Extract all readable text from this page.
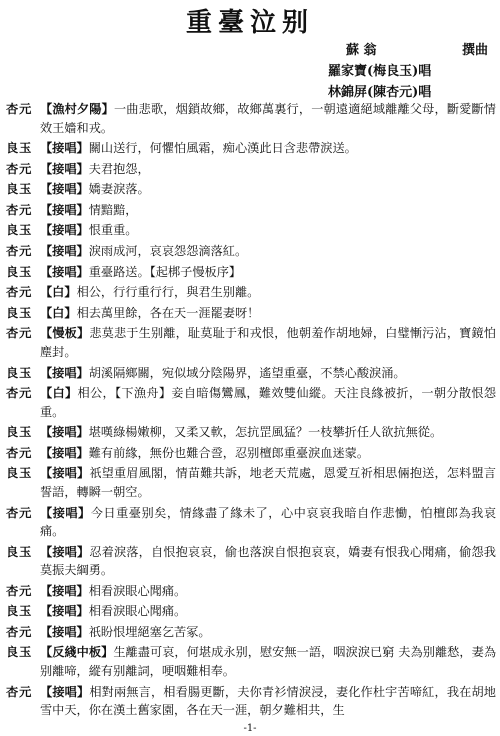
重臺泣别
蘇 翁	撰曲
羅家寶(梅良玉)唱
林錦屏(陳杏元)唱
杏元 【漁村夕陽】一曲悲歌，烟鎖故鄉，故鄉萬裏行，一朝遠適絕域離離父母，斷愛斷情效王嬙和戎。
良玉 【接唱】關山送行，何懼怕風霜，痴心漢此日含悲帶淚送。
杏元 【接唱】夫君抱怨，
良玉 【接唱】嬌妻淚落。
杏元 【接唱】情黯黯，
良玉 【接唱】恨重重。
杏元 【接唱】淚雨成河，哀哀怨怨滴落紅。
良玉 【接唱】重臺路送。【起梆子慢板序】
杏元 【白】相公，行行重行行，與君生别離。
良玉 【白】相去萬里餘，各在天一涯罷妻呀！
杏元 【慢板】悲莫悲于生别離，耻莫耻于和戎恨，他朝羞作胡地婦，白璧慚污沾，寶鏡怕塵封。
良玉 【接唱】胡溪隔鄉關，宛似域分陰陽界，遙望重臺，不禁心酸淚涌。
杏元 【白】相公，【下漁舟】妾自暗傷鸞鳳，難效雙仙縱。天注良緣被折，一朝分散恨怨重。
良玉 【接唱】堪嘆綠楊嫩柳，又柔又軟，怎抗罡風猛？一枝攀折任人欲抗無從。
杏元 【接唱】難有前緣，無份也難合巹，忍别檀郎重臺淚血迷蒙。
良玉 【接唱】祇望重眉風閣，情苗難共訴，地老天荒處，恩愛互祈相思倆抱送，怎料盟言誓語，轉瞬一朝空。
杏元 【接唱】今日重臺别矣，情緣盡了緣未了，心中哀哀我暗自作悲慟，怕檀郎為我哀痛。
良玉 【接唱】忍着淚落，自恨抱哀哀，偷也落淚自恨抱哀哀，嬌妻有恨我心聞痛，偷怨我莫振夫綱勇。
杏元 【接唱】相看淚眼心聞痛。
良玉 【接唱】相看淚眼心聞痛。
杏元 【接唱】祇盼恨埋絕塞乞苦冢。
良玉 【反綫中板】生離盡可哀，何堪成永别，慰安無一語，咽淚淚已窮 夫為别離愁，妻為别離啼，縱有别離詞，哽咽難相奉。
杏元 【接唱】相對兩無言，相看腸更斷，夫你青衫情淚浸，妻化作杜宇苦啼紅，我在胡地雪中天，你在漢土舊家園，各在天一涯，朝夕難相共，生
-1-
